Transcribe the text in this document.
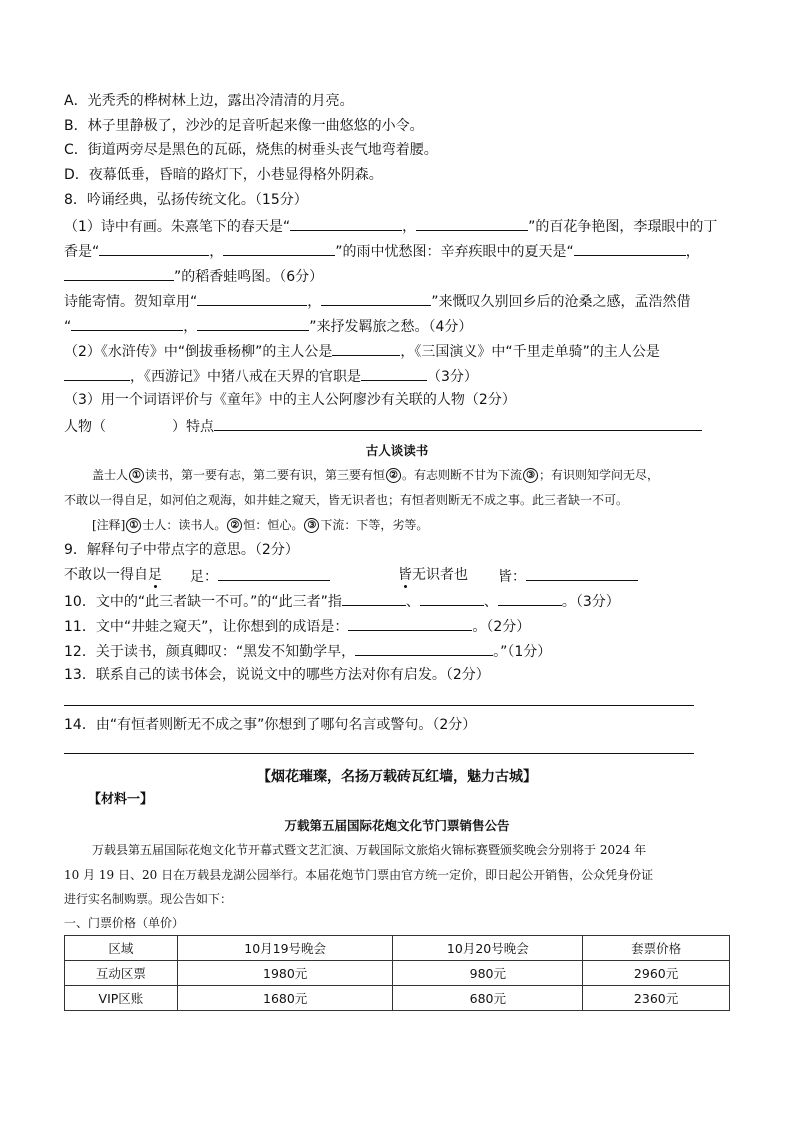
A．光秃秃的桦树林上边，露出冷清清的月亮。
B．林子里静极了，沙沙的足音听起来像一曲悠悠的小令。
C．街道两旁尽是黑色的瓦砾，烧焦的树垂头丧气地弯着腰。
D．夜幕低垂，昏暗的路灯下，小巷显得格外阴森。
8．吟诵经典，弘扬传统文化。（15分）
（1）诗中有画。朱熹笔下的春天是“	，	”的百花争艳图，李璟眼中的丁
香是“	，	”的雨中忧愁图：辛弃疾眼中的夏天是“	，
”的稻香蛙鸣图。（6分）
诗能寄情。贺知章用“	，	”来慨叹久别回乡后的沧桑之感，孟浩然借
“	，	”来抒发羁旅之愁。（4分）
（2）《水浒传》中“倒拔垂杨柳”的主人公是	，《三国演义》中“千里走单骑”的主人公是
，《西游记》中猪八戒在天界的官职是	（3分）
（3）用一个词语评价与《童年》中的主人公阿廖沙有关联的人物（2分）
人物（	）特点
古人谈读书
盖士人 ① 读书，第一要有志，第二要有识，第三要有恒 ② 。有志则断不甘为下流 ③ ；有识则知学问无尽，
不敢以一得自足，如河伯之观海，如井蛙之窥天，皆无识者也；有恒者则断无不成之事。此三者缺一不可。
[注释] ① 士人：读书人。 ② 恒：恒心。 ③ 下流：下等，劣等。
9．解释句子中带点字的意思。（2分）
不敢以一得自足 足：	皆无识者也 皆：
10．文中的“此三者缺一不可。”的“此三者”指	、	、	。（3分）
11．文中“井蛙之窥天”，让你想到的成语是：	。（2分）
12．关于读书，颜真卿叹：“黑发不知勤学早，	。”（1分）
13．联系自己的读书体会，说说文中的哪些方法对你有启发。（2分）
14．由“有恒者则断无不成之事”你想到了哪句名言或警句。（2分）
【烟花璀璨，名扬万载砖瓦红墙，魅力古城】
【材料一】
万载第五届国际花炮文化节门票销售公告
万载县第五届国际花炮文化节开幕式暨文艺汇演、万载国际文旅焰火锦标赛暨颁奖晚会分别将于 2024 年
10 月 19 日、20 日在万载县龙湖公园举行。本届花炮节门票由官方统一定价，即日起公开销售，公众凭身份证
进行实名制购票。现公告如下：
一、门票价格（单价）
区域	10月19号晚会	10月20号晚会	套票价格
互动区票	1980元	980元	2960元
VIP区账	1680元	680元	2360元
